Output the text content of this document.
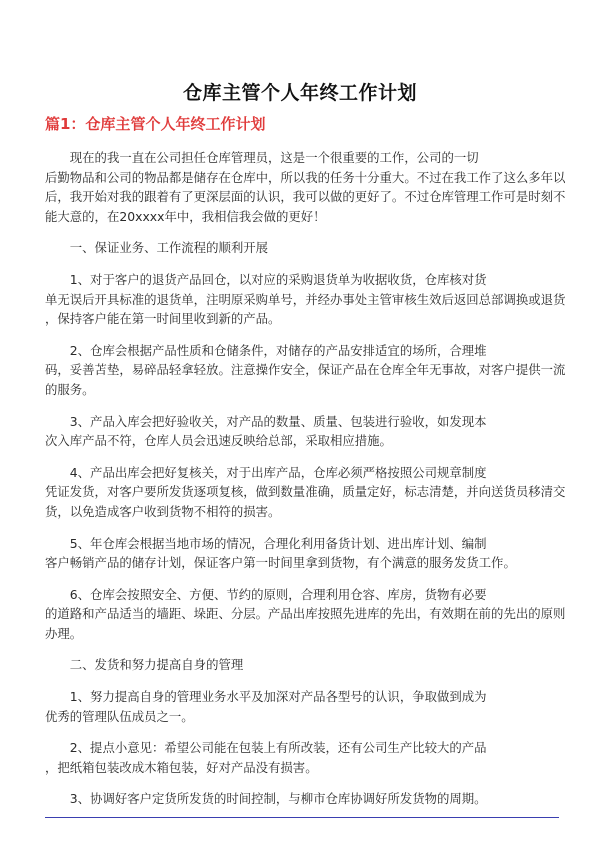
仓库主管个人年终工作计划
篇1：仓库主管个人年终工作计划
　　现在的我一直在公司担任仓库管理员，这是一个很重要的工作，公司的一切
后勤物品和公司的物品都是储存在仓库中，所以我的任务十分重大。不过在我工作了这么多年以
后，我开始对我的跟着有了更深层面的认识，我可以做的更好了。不过仓库管理工作可是时刻不
能大意的，在20xxxx年中，我相信我会做的更好！
　　一、保证业务、工作流程的顺利开展
　　1、对于客户的退货产品回仓，以对应的采购退货单为收据收货，仓库核对货
单无误后开具标准的退货单，注明原采购单号，并经办事处主管审核生效后返回总部调换或退货
，保持客户能在第一时间里收到新的产品。
　　2、仓库会根据产品性质和仓储条件，对储存的产品安排适宜的场所，合理堆
码，妥善苫垫，易碎品轻拿轻放。注意操作安全，保证产品在仓库全年无事故，对客户提供一流
的服务。
　　3、产品入库会把好验收关，对产品的数量、质量、包装进行验收，如发现本
次入库产品不符，仓库人员会迅速反映给总部，采取相应措施。
　　4、产品出库会把好复核关，对于出库产品，仓库必须严格按照公司规章制度
凭证发货，对客户要所发货逐项复核，做到数量准确，质量定好，标志清楚，并向送货员移清交
货，以免造成客户收到货物不相符的损害。
　　5、年仓库会根据当地市场的情况，合理化利用备货计划、进出库计划、编制
客户畅销产品的储存计划，保证客户第一时间里拿到货物，有个满意的服务发货工作。
　　6、仓库会按照安全、方便、节约的原则，合理利用仓容、库房，货物有必要
的道路和产品适当的墙距、垛距、分层。产品出库按照先进库的先出，有效期在前的先出的原则
办理。
　　二、发货和努力提高自身的管理
　　1、努力提高自身的管理业务水平及加深对产品各型号的认识，争取做到成为
优秀的管理队伍成员之一。
　　2、提点小意见：希望公司能在包装上有所改装，还有公司生产比较大的产品
，把纸箱包装改成木箱包装，好对产品没有损害。
　　3、协调好客户定货所发货的时间控制，与柳市仓库协调好所发货物的周期。
